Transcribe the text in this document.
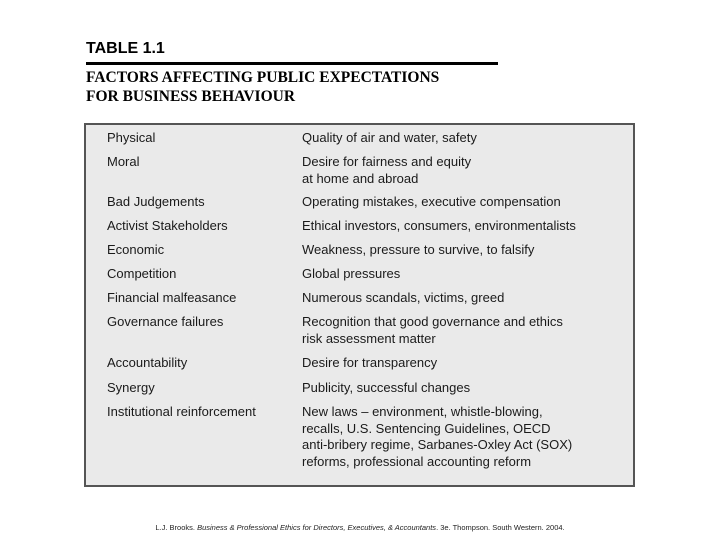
TABLE 1.1
FACTORS AFFECTING PUBLIC EXPECTATIONS
FOR BUSINESS BEHAVIOUR
Physical	Quality of air and water, safety
Moral	Desire for fairness and equity
at home and abroad
Bad Judgements	Operating mistakes, executive compensation
Activist Stakeholders	Ethical investors, consumers, environmentalists
Economic	Weakness, pressure to survive, to falsify
Competition	Global pressures
Financial malfeasance	Numerous scandals, victims, greed
Governance failures	Recognition that good governance and ethics
risk assessment matter
Accountability	Desire for transparency
Synergy	Publicity, successful changes
Institutional reinforcement	New laws – environment, whistle-blowing,
recalls, U.S. Sentencing Guidelines, OECD
anti-bribery regime, Sarbanes-Oxley Act (SOX)
reforms, professional accounting reform
L.J. Brooks. Business & Professional Ethics for Directors, Executives, & Accountants. 3e. Thompson. South Western. 2004.
